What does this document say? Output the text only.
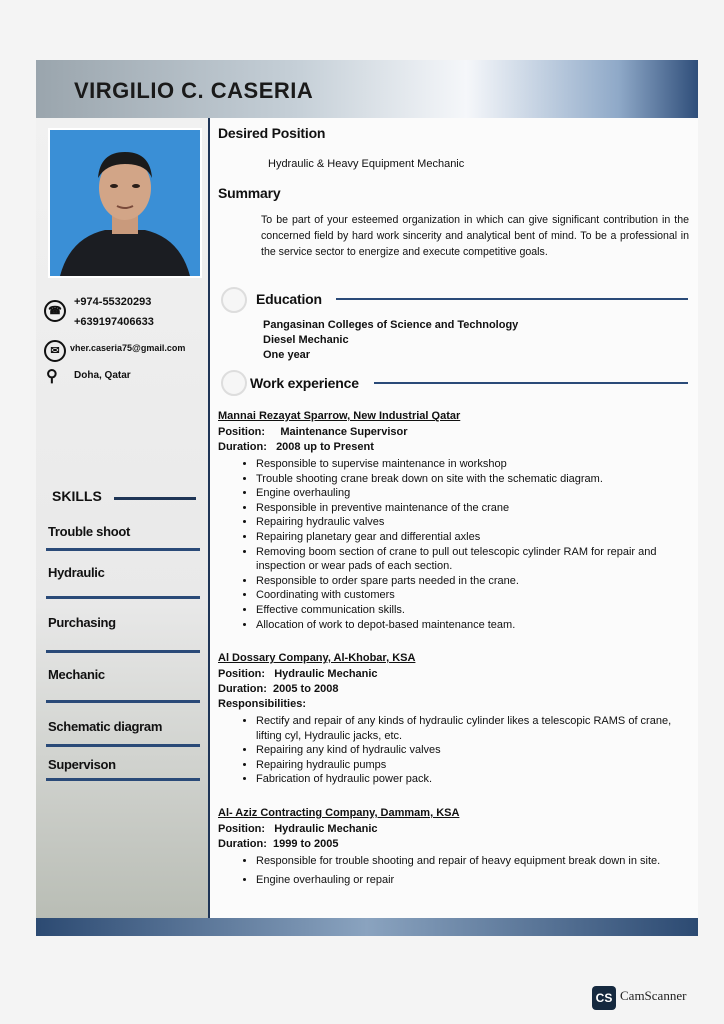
VIRGILIO C. CASERIA
☎
+974-55320293
+639197406633
✉	vher.caseria75@gmail.com
⚲ Doha, Qatar
SKILLS
Trouble shoot
Hydraulic
Purchasing
Mechanic
Schematic diagram
Supervison
Desired Position
Hydraulic & Heavy Equipment Mechanic
Summary
To be part of your esteemed organization in which can give significant contribution in the concerned field by hard work sincerity and analytical bent of mind. To be a professional in the service sector to energize and execute competitive goals.
Education
Pangasinan Colleges of Science and Technology
Diesel Mechanic
One year
Work experience
Mannai Rezayat Sparrow, New Industrial Qatar
Position: Maintenance Supervisor
Duration: 2008 up to Present
• Responsible to supervise maintenance in workshop
• Trouble shooting crane break down on site with the schematic diagram.
• Engine overhauling
• Responsible in preventive maintenance of the crane
• Repairing hydraulic valves
• Repairing planetary gear and differential axles
• Removing boom section of crane to pull out telescopic cylinder RAM for repair and inspection or wear pads of each section.
• Responsible to order spare parts needed in the crane.
• Coordinating with customers
• Effective communication skills.
• Allocation of work to depot-based maintenance team.
Al Dossary Company, Al-Khobar, KSA
Position: Hydraulic Mechanic
Duration: 2005 to 2008
Responsibilities:
• Rectify and repair of any kinds of hydraulic cylinder likes a telescopic RAMS of crane, lifting cyl, Hydraulic jacks, etc.
• Repairing any kind of hydraulic valves
• Repairing hydraulic pumps
• Fabrication of hydraulic power pack.
Al- Aziz Contracting Company, Dammam, KSA
Position: Hydraulic Mechanic
Duration: 1999 to 2005
• Responsible for trouble shooting and repair of heavy equipment break down in site.
• Engine overhauling or repair
CS CamScanner
